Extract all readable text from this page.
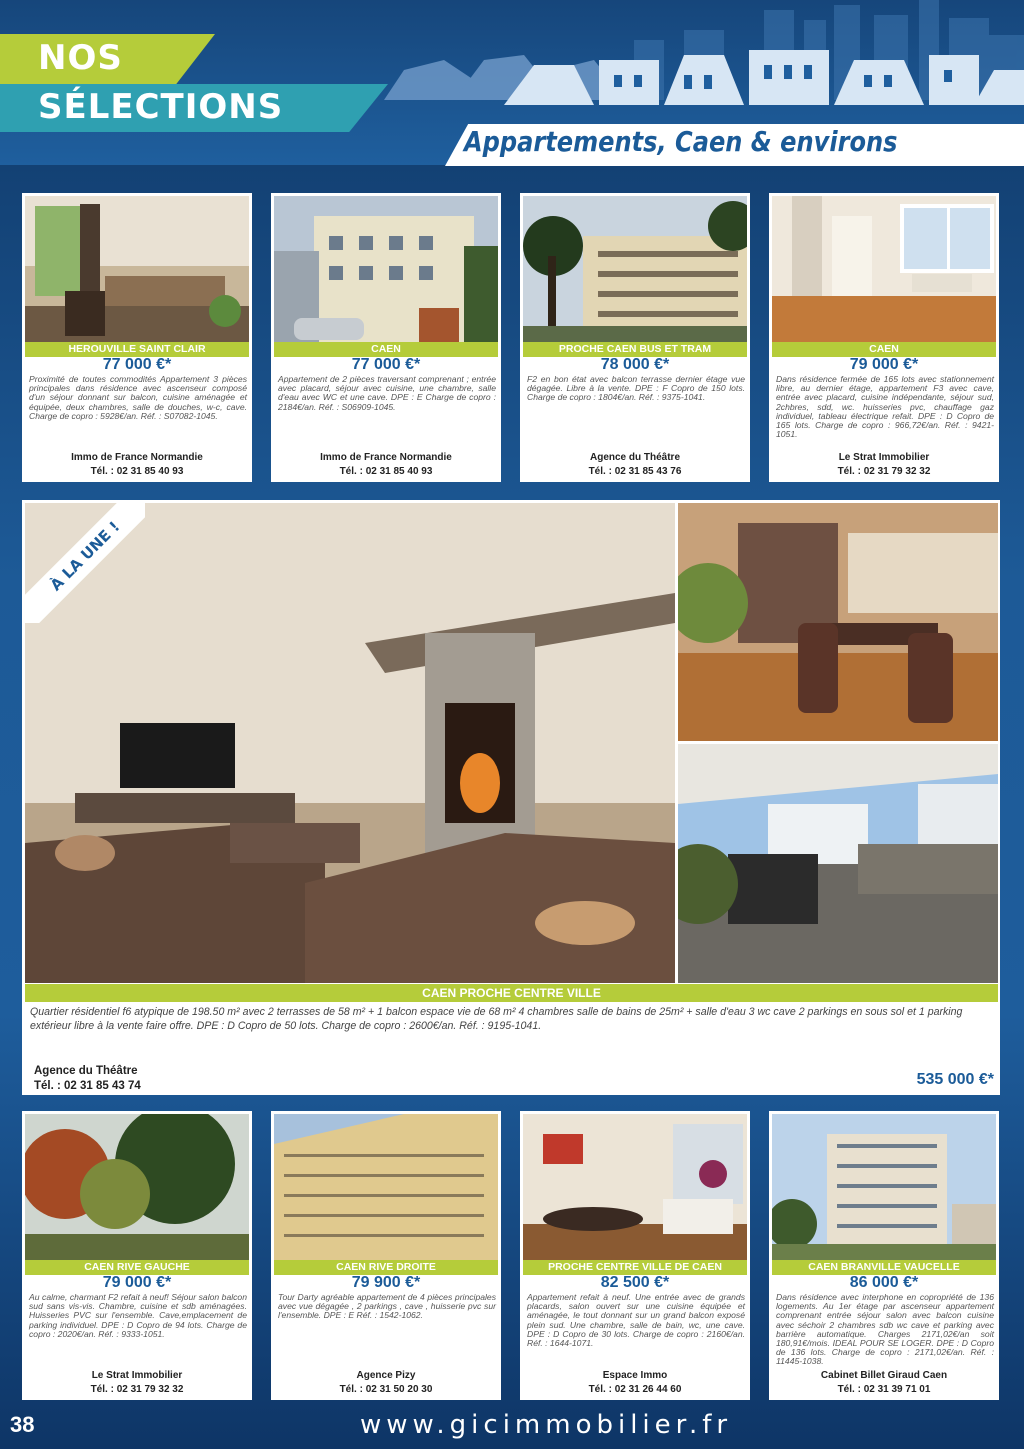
NOS
SÉLECTIONS
Appartements, Caen & environs
HEROUVILLE SAINT CLAIR
77 000 €*
Proximité de toutes commodités Appartement 3 pièces principales dans résidence avec ascenseur composé d'un séjour donnant sur balcon, cuisine aménagée et équipée, deux chambres, salle de douches, w-c, cave. Charge de copro : 5928€/an. Réf. : S07082-1045.
Immo de France Normandie
Tél. : 02 31 85 40 93
CAEN
77 000 €*
Appartement de 2 pièces traversant comprenant ; entrée avec placard, séjour avec cuisine, une chambre, salle d'eau avec WC et une cave. DPE : E Charge de copro : 2184€/an. Réf. : S06909-1045.
Immo de France Normandie
Tél. : 02 31 85 40 93
PROCHE CAEN BUS ET TRAM
78 000 €*
F2 en bon état avec balcon terrasse dernier étage vue dégagée. Libre à la vente. DPE : F Copro de 150 lots. Charge de copro : 1804€/an. Réf. : 9375-1041.
Agence du Théâtre
Tél. : 02 31 85 43 76
CAEN
79 000 €*
Dans résidence fermée de 165 lots avec stationnement libre, au dernier étage, appartement F3 avec cave, entrée avec placard, cuisine indépendante, séjour sud, 2chbres, sdd, wc. huisseries pvc, chauffage gaz individuel, tableau électrique refait. DPE : D Copro de 165 lots. Charge de copro : 966,72€/an. Réf. : 9421-1051.
Le Strat Immobilier
Tél. : 02 31 79 32 32
À LA UNE !
CAEN PROCHE CENTRE VILLE
Quartier résidentiel f6 atypique de 198.50 m² avec 2 terrasses de 58 m² + 1 balcon espace vie de 68 m² 4 chambres salle de bains de 25m² + salle d'eau 3 wc cave 2 parkings en sous sol et 1 parking extérieur libre à la vente faire offre. DPE : D Copro de 50 lots. Charge de copro : 2600€/an. Réf. : 9195-1041.
Agence du Théâtre
Tél. : 02 31 85 43 74	535 000 €*
CAEN RIVE GAUCHE
79 000 €*
Au calme, charmant F2 refait à neuf! Séjour salon balcon sud sans vis-vis. Chambre, cuisine et sdb aménagées. Huisseries PVC sur l'ensemble. Cave,emplacement de parking individuel. DPE : D Copro de 94 lots. Charge de copro : 2020€/an. Réf. : 9333-1051.
Le Strat Immobilier
Tél. : 02 31 79 32 32
CAEN RIVE DROITE
79 900 €*
Tour Darty agréable appartement de 4 pièces principales avec vue dégagée , 2 parkings , cave , huisserie pvc sur l'ensemble. DPE : E Réf. : 1542-1062.
Agence Pizy
Tél. : 02 31 50 20 30
PROCHE CENTRE VILLE DE CAEN
82 500 €*
Appartement refait à neuf. Une entrée avec de grands placards, salon ouvert sur une cuisine équipée et aménagée, le tout donnant sur un grand balcon exposé plein sud. Une chambre, salle de bain, wc, une cave. DPE : D Copro de 30 lots. Charge de copro : 2160€/an. Réf. : 1644-1071.
Espace Immo
Tél. : 02 31 26 44 60
CAEN BRANVILLE VAUCELLE
86 000 €*
Dans résidence avec interphone en copropriété de 136 logements. Au 1er étage par ascenseur appartement comprenant entrée séjour salon avec balcon cuisine avec séchoir 2 chambres sdb wc cave et parking avec barrière automatique. Charges 2171,02€/an soit 180,91€/mois. IDEAL POUR SE LOGER. DPE : D Copro de 136 lots. Charge de copro : 2171,02€/an. Réf. : 11445-1038.
Cabinet Billet Giraud Caen
Tél. : 02 31 39 71 01
38	www.gicimmobilier.fr
